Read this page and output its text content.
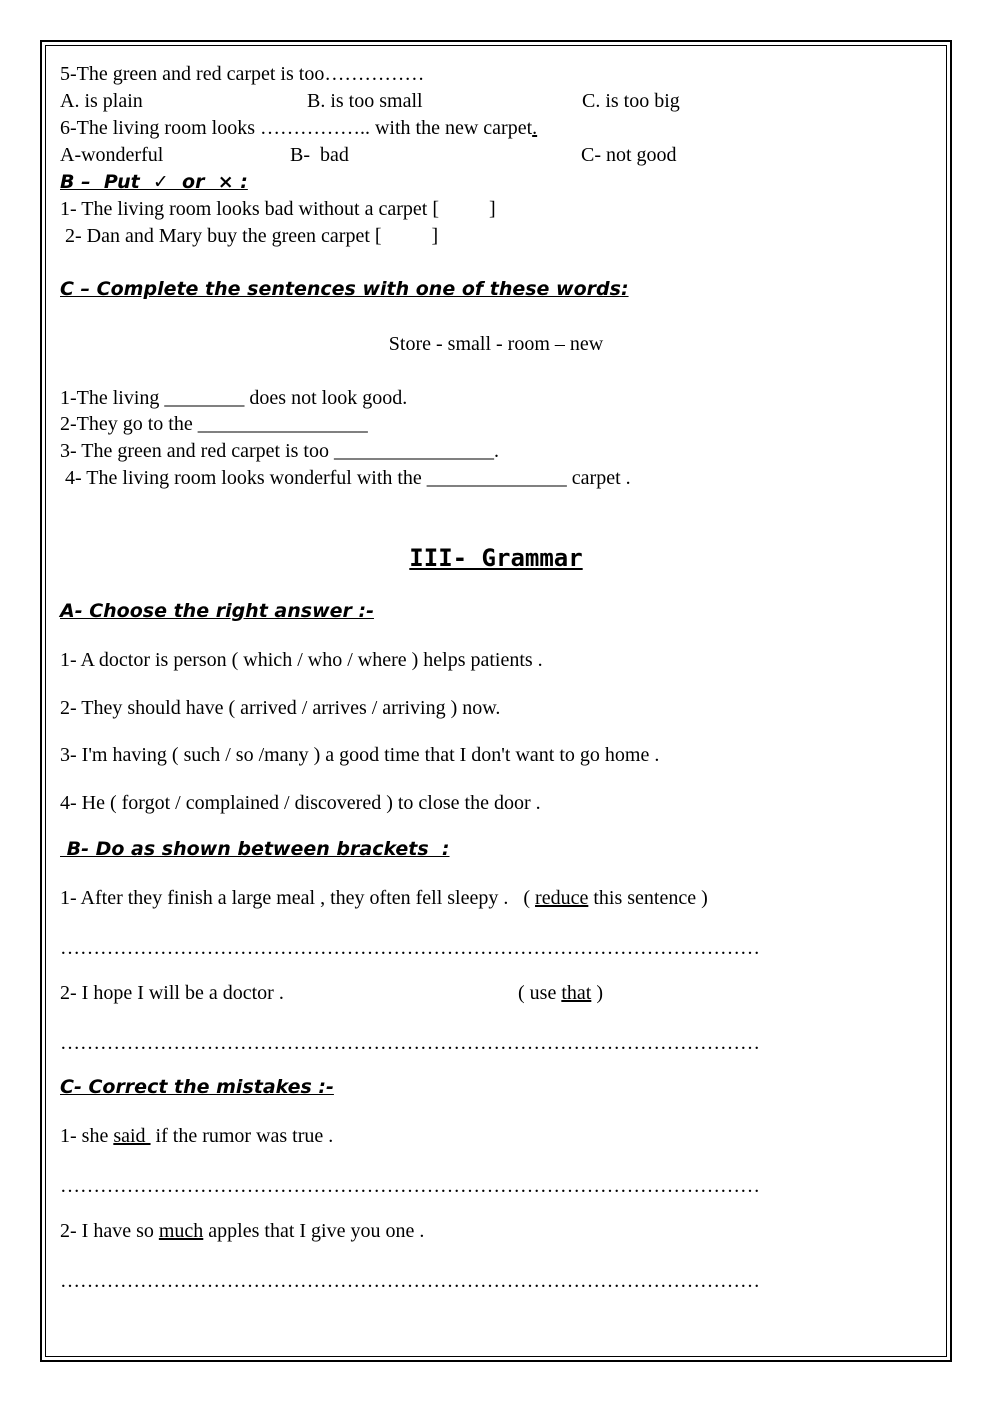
5-The green and red carpet is too……………
A. is plain	B. is too small	C. is too big
6-The living room looks …………….. with the new carpet.
A-wonderful	B-  bad	C- not good
B –  Put  ✓  or  × :
1- The living room looks bad without a carpet [	]
2- Dan and Mary buy the green carpet [	]
C – Complete the sentences with one of these words:
Store - small - room – new
1-The living ________ does not look good.
2-They go to the _________________
3- The green and red carpet is too ________________.
4- The living room looks wonderful with the ______________ carpet .
III- Grammar
A- Choose the right answer :-
1- A doctor is person ( which / who / where ) helps patients .
2- They should have ( arrived / arrives / arriving ) now.
3- I'm having ( such / so /many ) a good time that I don't want to go home .
4- He ( forgot / complained / discovered ) to close the door .
B- Do as shown between brackets  :
1- After they finish a large meal , they often fell sleepy .   ( reduce this sentence )
……………………………………………………………………………………………
2- I hope I will be a doctor .	( use that )
……………………………………………………………………………………………
C- Correct the mistakes :-
1- she said  if the rumor was true .
……………………………………………………………………………………………
2- I have so much apples that I give you one .
……………………………………………………………………………………………
